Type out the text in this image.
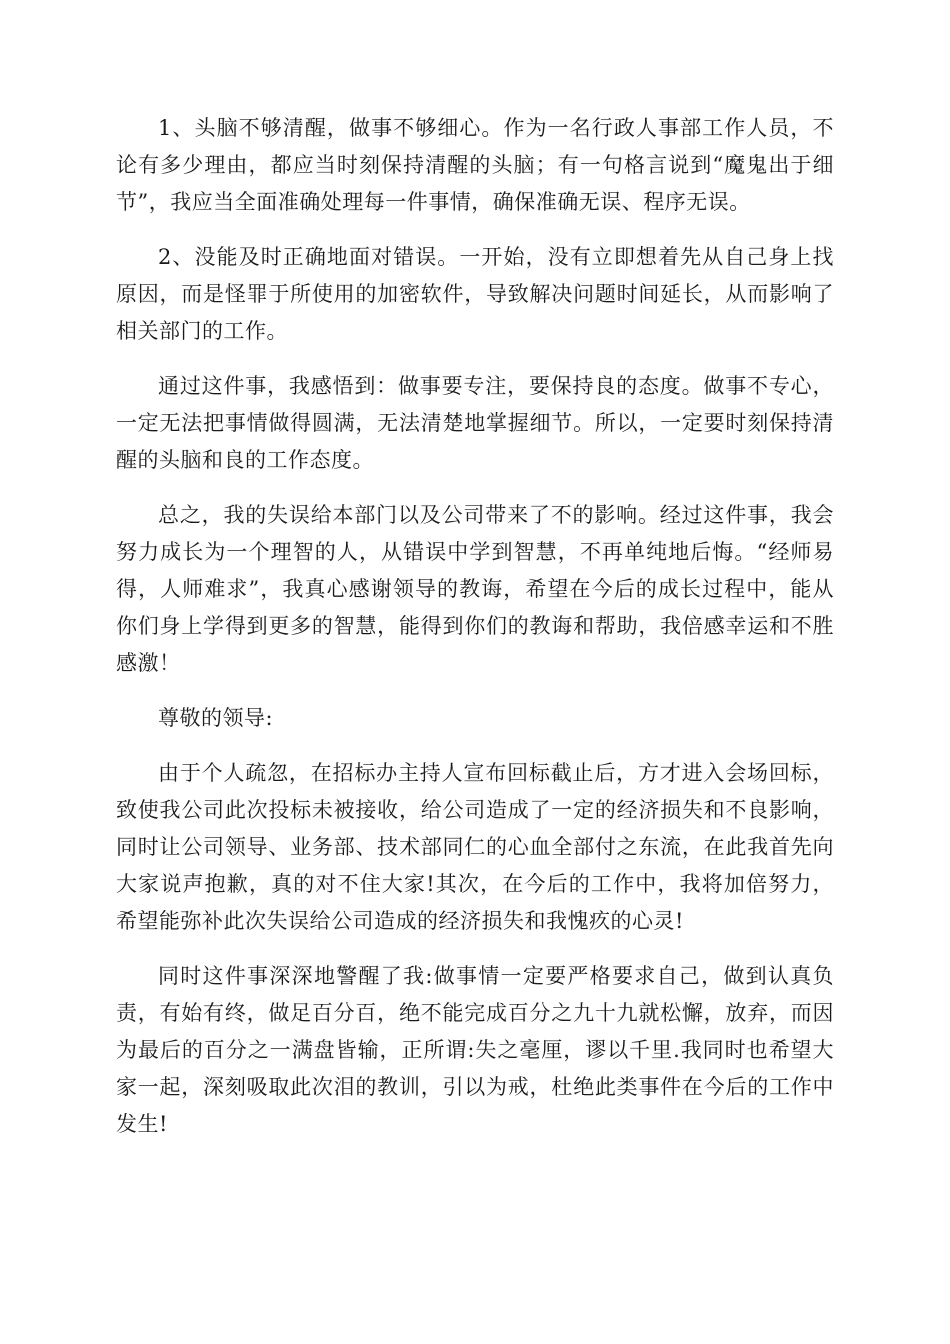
1、头脑不够清醒，做事不够细心。作为一名行政人事部工作人员，不论有多少理由，都应当时刻保持清醒的头脑；有一句格言说到“魔鬼出于细节”，我应当全面准确处理每一件事情，确保准确无误、程序无误。

2、没能及时正确地面对错误。一开始，没有立即想着先从自己身上找原因，而是怪罪于所使用的加密软件，导致解决问题时间延长，从而影响了相关部门的工作。

通过这件事，我感悟到：做事要专注，要保持良的态度。做事不专心，一定无法把事情做得圆满，无法清楚地掌握细节。所以，一定要时刻保持清醒的头脑和良的工作态度。

总之，我的失误给本部门以及公司带来了不的影响。经过这件事，我会努力成长为一个理智的人，从错误中学到智慧，不再单纯地后悔。“经师易得，人师难求”，我真心感谢领导的教诲，希望在今后的成长过程中，能从你们身上学得到更多的智慧，能得到你们的教诲和帮助，我倍感幸运和不胜感激！

尊敬的领导:

由于个人疏忽，在招标办主持人宣布回标截止后，方才进入会场回标，致使我公司此次投标未被接收，给公司造成了一定的经济损失和不良影响，同时让公司领导、业务部、技术部同仁的心血全部付之东流，在此我首先向大家说声抱歉，真的对不住大家!其次，在今后的工作中，我将加倍努力，希望能弥补此次失误给公司造成的经济损失和我愧疚的心灵!

同时这件事深深地警醒了我:做事情一定要严格要求自己，做到认真负责，有始有终，做足百分百，绝不能完成百分之九十九就松懈，放弃，而因为最后的百分之一满盘皆输，正所谓:失之毫厘，谬以千里.我同时也希望大家一起，深刻吸取此次泪的教训，引以为戒，杜绝此类事件在今后的工作中发生!
